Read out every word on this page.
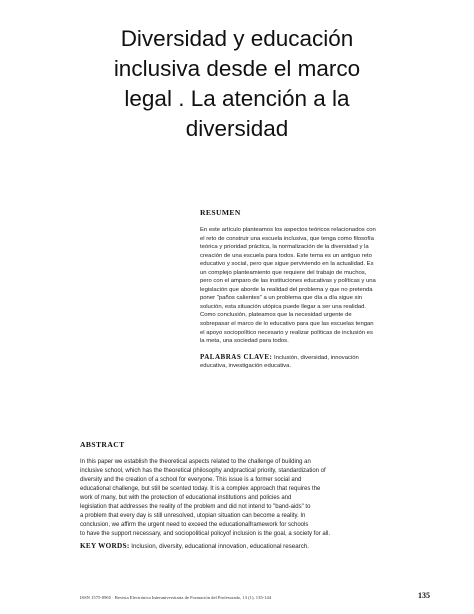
Diversidad y educación
inclusiva desde el marco
legal . La atención a la
diversidad
RESUMEN
En este artículo planteamos los aspectos teóricos relacionados con
el reto de construir una escuela inclusiva, que tenga como filosofía
teórica y prioridad práctica, la normalización de la diversidad y la
creación de una escuela para todos. Este tema es un antiguo reto
educativo y social, pero que sigue perviviendo en la actualidad. Es
un complejo planteamiento que requiere del trabajo de muchos,
pero con el amparo de las instituciones educativas y políticas y una
legislación que aborde la realidad del problema y que no pretenda
poner "paños calientes" a un problema que día a día sigue sin
solución, esta situación utópica puede llegar a ser una realidad.
Como conclusión, plateamos que la necesidad urgente de
sobrepasar el marco de lo educativo para que las escuelas tengan
el apoyo sociopolítico necesario y realizar políticas de inclusión es
la meta, una sociedad para todos.
PALABRAS CLAVE: Inclusión, diversidad, innovación
educativa, investigación educativa.
ABSTRACT
In this paper we establish the theoretical aspects related to the challenge of building an
inclusive school, which has the theoretical philosophy andpractical priority, standardization of
diversity and the creation of a school for everyone. This issue is a former social and
educational challenge, but still be scented today. It is a complex approach that requires the
work of many, but with the protection of educational institutions and policies and
legislation that addresses the reality of the problem and did not intend to "band-aids" to
a problem that every day is still unresolved, utopian situation can become a reality. In
conclusion, we affirm the urgent need to exceed the educationalframework for schools
to have the support necessary, and sociopolitical policyof inclusion is the goal, a society for all.
KEY WORDS: Inclusion, diversity, educational innovation, educational research.
ISSN 1575-0965 · Revista Electrónica Interuniversitaria de Formación del Profesorado, 13 (1), 135-144	135
